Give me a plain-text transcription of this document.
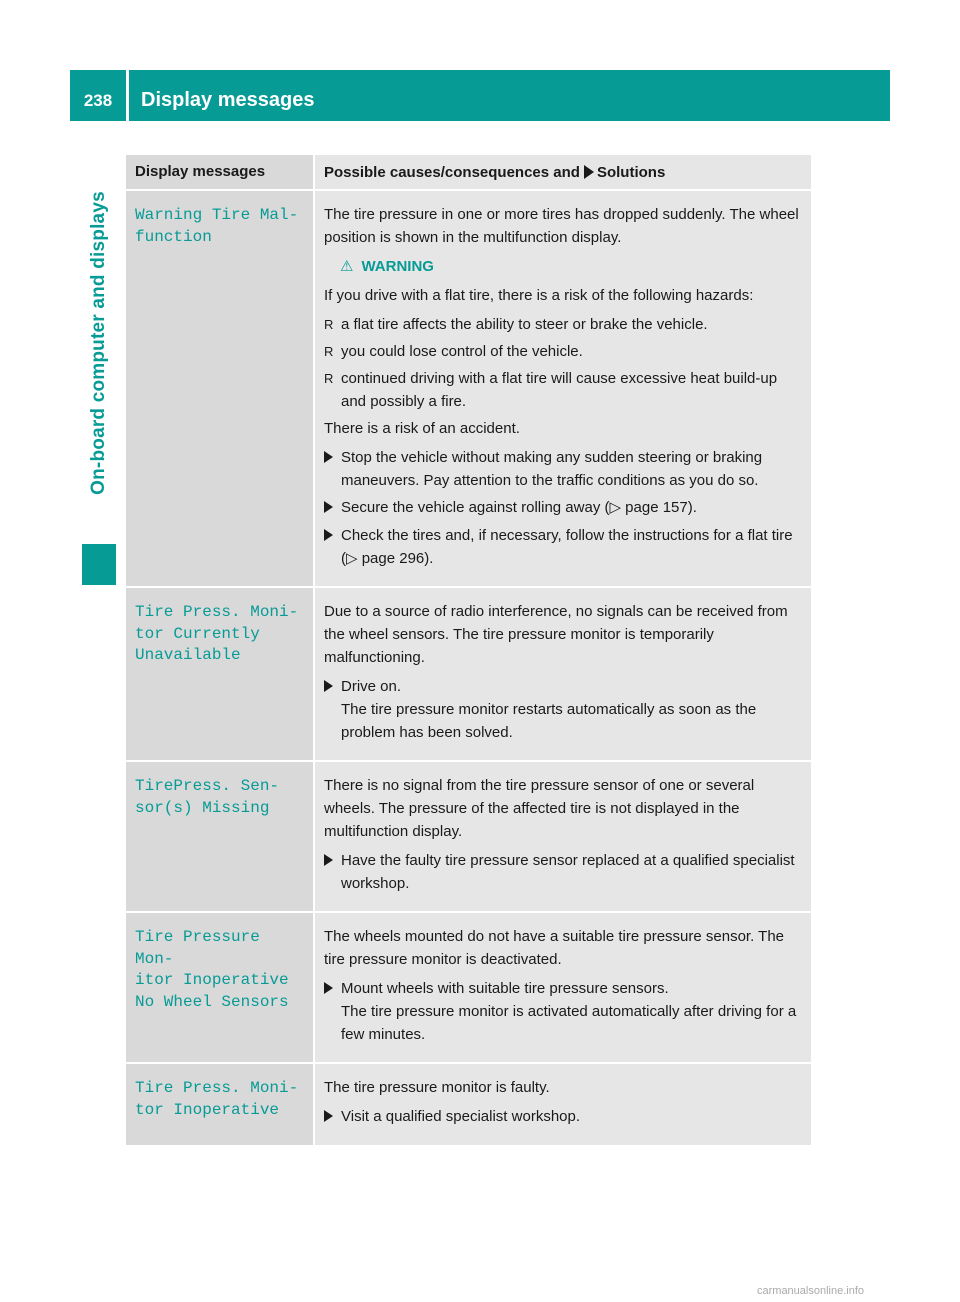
238	Display messages
On-board computer and displays
Display messages	Possible causes/consequences and Solutions

Warning Tire Mal‐
function

The tire pressure in one or more tires has dropped suddenly. The wheel position is shown in the multifunction display.

⚠ WARNING

If you drive with a flat tire, there is a risk of the following hazards:

R a flat tire affects the ability to steer or brake the vehicle.
R you could lose control of the vehicle.
R continued driving with a flat tire will cause excessive heat build-up and possibly a fire.

There is a risk of an accident.

Stop the vehicle without making any sudden steering or braking maneuvers. Pay attention to the traffic conditions as you do so.
Secure the vehicle against rolling away (▷ page 157).
Check the tires and, if necessary, follow the instructions for a flat tire (▷ page 296).

Tire Press. Moni‐
tor Currently
Unavailable

Due to a source of radio interference, no signals can be received from the wheel sensors. The tire pressure monitor is temporarily malfunctioning.

Drive on.
The tire pressure monitor restarts automatically as soon as the problem has been solved.

TirePress. Sen‐
sor(s) Missing

There is no signal from the tire pressure sensor of one or several wheels. The pressure of the affected tire is not displayed in the multifunction display.

Have the faulty tire pressure sensor replaced at a qualified specialist workshop.

Tire Pressure Mon‐
itor Inoperative
No Wheel Sensors

The wheels mounted do not have a suitable tire pressure sensor. The tire pressure monitor is deactivated.

Mount wheels with suitable tire pressure sensors.
The tire pressure monitor is activated automatically after driving for a few minutes.

Tire Press. Moni‐
tor Inoperative

The tire pressure monitor is faulty.

Visit a qualified specialist workshop.
carmanualsonline.info
